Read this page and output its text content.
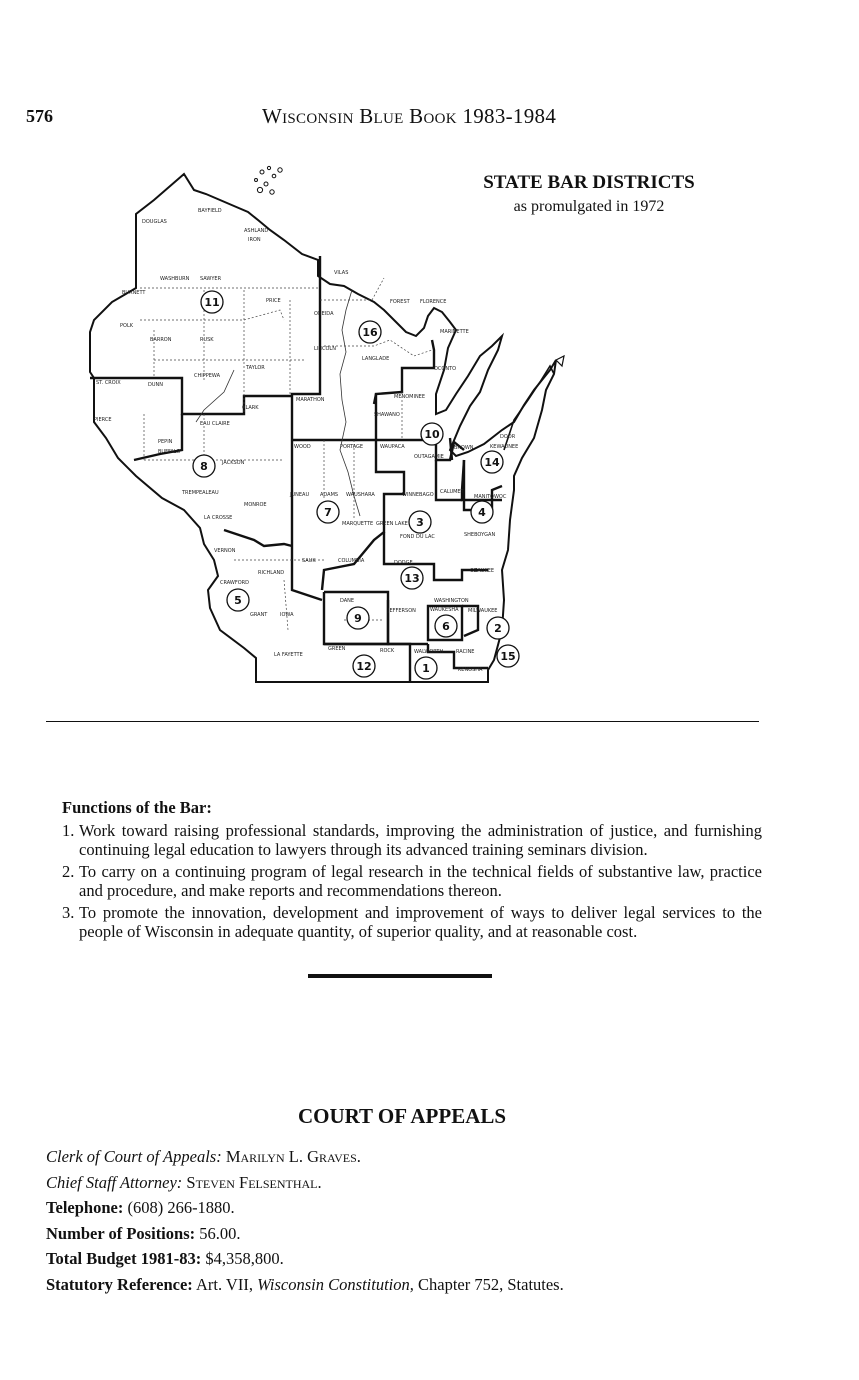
576	Wisconsin Blue Book 1983-1984
STATE BAR DISTRICTS
as promulgated in 1972
11
16
10
14
8
7
3
4
13
5
9
6	2
12	1
15
DOUGLAS
BAYFIELD
ASHLAND
IRON
VILAS
FOREST FLORENCE
MARINETTE
BURNETT
WASHBURN SAWYER
PRICE
ONEIDA
POLK
BARRON	RUSK
LINCOLN
LANGLADE
OCONTO
TAYLOR
ST. CROIX	DUNN
CHIPPEWA
MARATHON	MENOMINEE
SHAWANO
PIERCE
EAU CLAIRE
CLARK
PEPIN
BUFFALO
WOOD	PORTAGE	WAUPACA
OUTAGAMIE
DOOR
KEWAUNEE
JACKSON
BROWN
TREMPEALEAU	JUNEAU ADAMS WAUSHARA	WINNEBAGO CALUMET
MANITOWOC
MONROE
LA CROSSE
MARQUETTE GREEN LAKE
FOND DU LAC	SHEBOYGAN
VERNON
SAUK	COLUMBIA	DODGE
OZAUKEE
RICHLAND
CRAWFORD
WASHINGTON
GRANT	IOWA
DANE
JEFFERSON	WAUKESHA MILWAUKEE
LA FAYETTE
GREEN	ROCK	WALWORTH	RACINE
KENOSHA
Functions of the Bar:
1. Work toward raising professional standards, improving the administration of justice, and furnishing continuing legal education to lawyers through its advanced training seminars division.
2. To carry on a continuing program of legal research in the technical fields of substantive law, practice and procedure, and make reports and recommendations thereon.
3. To promote the innovation, development and improvement of ways to deliver legal services to the people of Wisconsin in adequate quantity, of superior quality, and at reasonable cost.
COURT OF APPEALS
Clerk of Court of Appeals: Marilyn L. Graves.
Chief Staff Attorney: Steven Felsenthal.
Telephone: (608) 266-1880.
Number of Positions: 56.00.
Total Budget 1981-83: $4,358,800.
Statutory Reference: Art. VII, Wisconsin Constitution, Chapter 752, Statutes.
